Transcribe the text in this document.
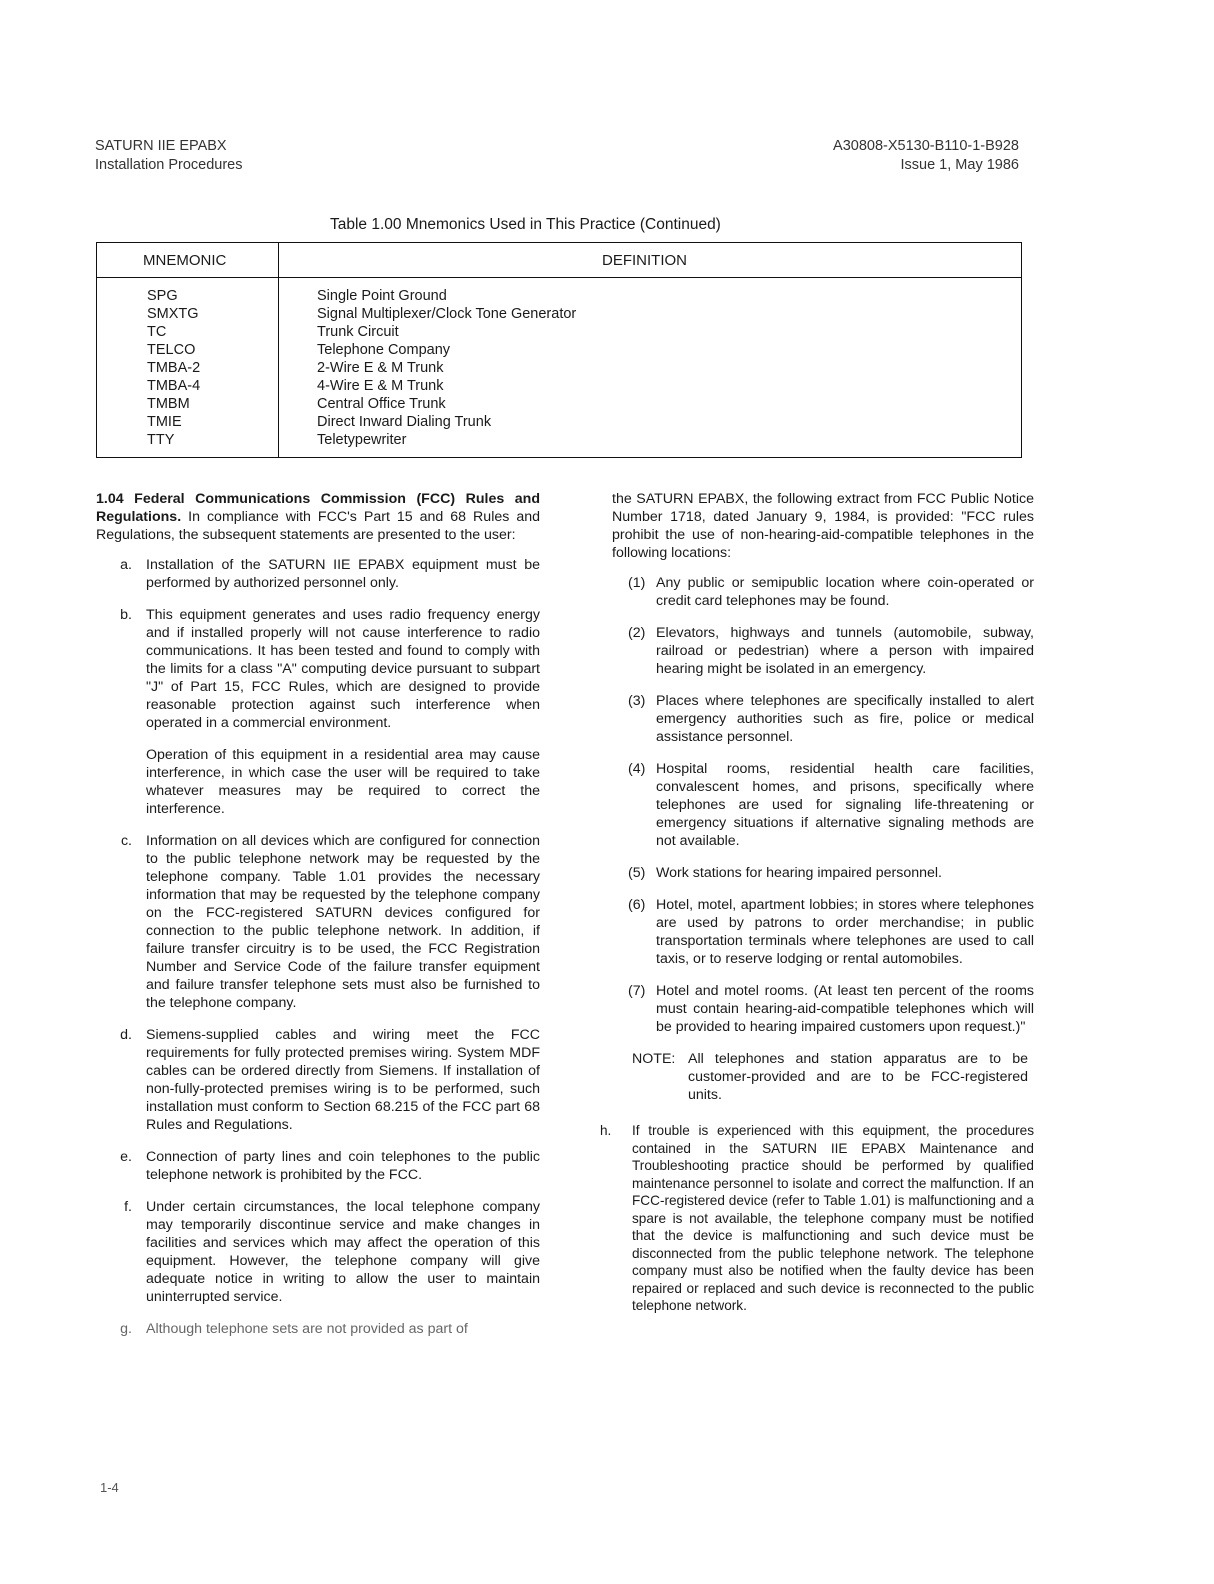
SATURN IIE EPABX
Installation Procedures
A30808-X5130-B110-1-B928
Issue 1, May 1986
Table 1.00 Mnemonics Used in This Practice (Continued)
MNEMONIC	DEFINITION
SPG	Single Point Ground
SMXTG	Signal Multiplexer/Clock Tone Generator
TC	Trunk Circuit
TELCO	Telephone Company
TMBA-2	2-Wire E & M Trunk
TMBA-4	4-Wire E & M Trunk
TMBM	Central Office Trunk
TMIE	Direct Inward Dialing Trunk
TTY	Teletypewriter

1.04 Federal Communications Commission (FCC) Rules and Regulations. In compliance with FCC's Part 15 and 68 Rules and Regulations, the subsequent statements are presented to the user:

a. Installation of the SATURN IIE EPABX equipment must be performed by authorized personnel only.
b. This equipment generates and uses radio frequency energy and if installed properly will not cause interference to radio communications. It has been tested and found to comply with the limits for a class "A" computing device pursuant to subpart "J" of Part 15, FCC Rules, which are designed to provide reasonable protection against such interference when operated in a commercial environment.

Operation of this equipment in a residential area may cause interference, in which case the user will be required to take whatever measures may be required to correct the interference.

c. Information on all devices which are configured for connection to the public telephone network may be requested by the telephone company. Table 1.01 provides the necessary information that may be requested by the telephone company on the FCC-registered SATURN devices configured for connection to the public telephone network. In addition, if failure transfer circuitry is to be used, the FCC Registration Number and Service Code of the failure transfer equipment and failure transfer telephone sets must also be furnished to the telephone company.
d. Siemens-supplied cables and wiring meet the FCC requirements for fully protected premises wiring. System MDF cables can be ordered directly from Siemens. If installation of non-fully-protected premises wiring is to be performed, such installation must conform to Section 68.215 of the FCC part 68 Rules and Regulations.
e. Connection of party lines and coin telephones to the public telephone network is prohibited by the FCC.
f. Under certain circumstances, the local telephone company may temporarily discontinue service and make changes in facilities and services which may affect the operation of this equipment. However, the telephone company will give adequate notice in writing to allow the user to maintain uninterrupted service.
g. Although telephone sets are not provided as part of

the SATURN EPABX, the following extract from FCC Public Notice Number 1718, dated January 9, 1984, is provided: "FCC rules prohibit the use of non-hearing-aid-compatible telephones in the following locations:

(1) Any public or semipublic location where coin-operated or credit card telephones may be found.
(2) Elevators, highways and tunnels (automobile, subway, railroad or pedestrian) where a person with impaired hearing might be isolated in an emergency.
(3) Places where telephones are specifically installed to alert emergency authorities such as fire, police or medical assistance personnel.
(4) Hospital rooms, residential health care facilities, convalescent homes, and prisons, specifically where telephones are used for signaling life-threatening or emergency situations if alternative signaling methods are not available.
(5) Work stations for hearing impaired personnel.
(6) Hotel, motel, apartment lobbies; in stores where telephones are used by patrons to order merchandise; in public transportation terminals where telephones are used to call taxis, or to reserve lodging or rental automobiles.
(7) Hotel and motel rooms. (At least ten percent of the rooms must contain hearing-aid-compatible telephones which will be provided to hearing impaired customers upon request.)"
NOTE: All telephones and station apparatus are to be customer-provided and are to be FCC-registered units.
h.	If trouble is experienced with this equipment, the procedures contained in the SATURN IIE EPABX Maintenance and Troubleshooting practice should be performed by qualified maintenance personnel to isolate and correct the malfunction. If an FCC-registered device (refer to Table 1.01) is malfunctioning and a spare is not available, the telephone company must be notified that the device is malfunctioning and such device must be disconnected from the public telephone network. The telephone company must also be notified when the faulty device has been repaired or replaced and such device is reconnected to the public telephone network.
1-4
